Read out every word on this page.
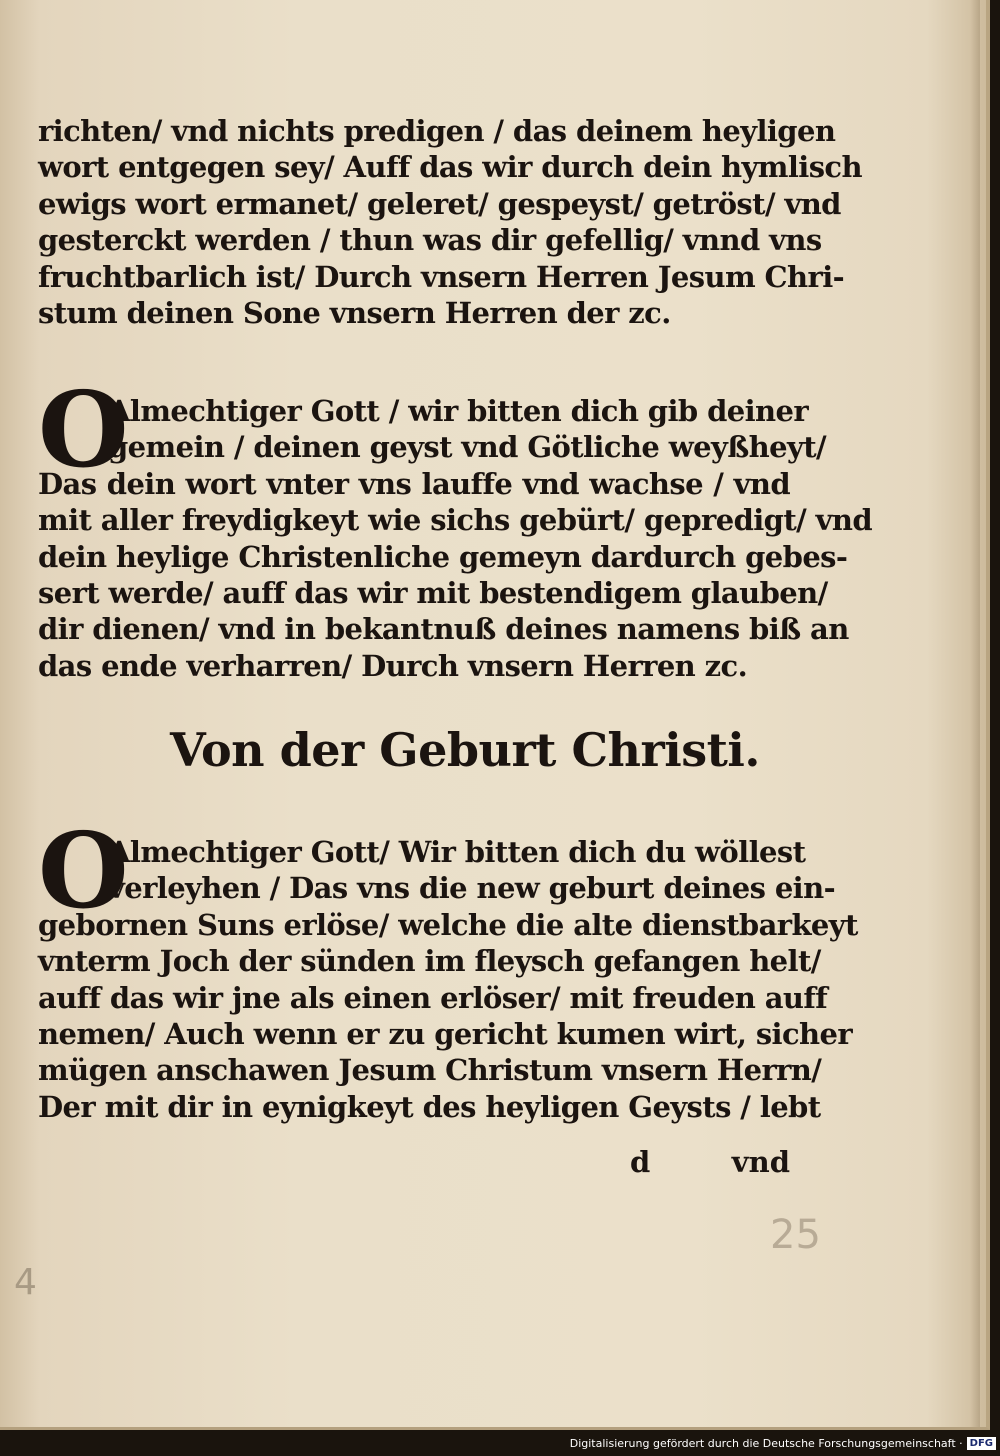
richten/ vnd nichts predigen / das deinem heyligen
wort entgegen sey/ Auff das wir durch dein hymlisch
ewigs wort ermanet/ geleret/ gespeyst/ getröst/ vnd
gesterckt werden / thun was dir gefellig/ vnnd vns
fruchtbarlich ist/ Durch vnsern Herren Jesum Chri-
stum deinen Sone vnsern Herren der zc.
O
Almechtiger Gott / wir bitten dich gib deiner
gemein / deinen geyst vnd Götliche weyßheyt/
Das dein wort vnter vns lauffe vnd wachse / vnd
mit aller freydigkeyt wie sichs gebürt/ gepredigt/ vnd
dein heylige Christenliche gemeyn dardurch gebes-
sert werde/ auff das wir mit bestendigem glauben/
dir dienen/ vnd in bekantnuß deines namens biß an
das ende verharren/ Durch vnsern Herren zc.
Von der Geburt Christi.
O
Almechtiger Gott/ Wir bitten dich du wöllest
verleyhen / Das vns die new geburt deines ein-
gebornen Suns erlöse/ welche die alte dienstbarkeyt
vnterm Joch der sünden im fleysch gefangen helt/
auff das wir jne als einen erlöser/ mit freuden auff
nemen/ Auch wenn er zu gericht kumen wirt, sicher
mügen anschawen Jesum Christum vnsern Herrn/
Der mit dir in eynigkeyt des heyligen Geysts / lebt
d	vnd
25
4
Digitalisierung gefördert durch die Deutsche Forschungsgemeinschaft · DFG
